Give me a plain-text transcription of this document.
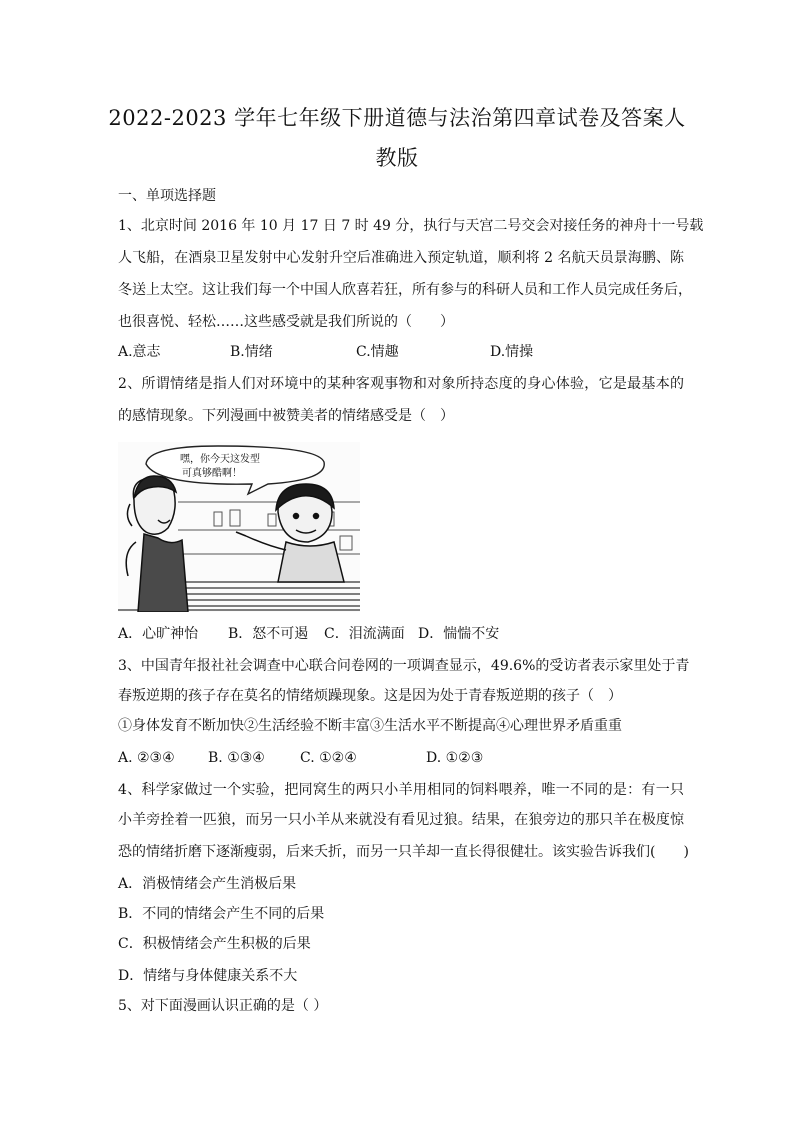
2022-2023 学年七年级下册道德与法治第四章试卷及答案人
教版
一、单项选择题
1、北京时间 2016 年 10 月 17 日 7 时 49 分，执行与天宫二号交会对接任务的神舟十一号载
人飞船，在酒泉卫星发射中心发射升空后准确进入预定轨道，顺利将 2 名航天员景海鹏、陈
冬送上太空。这让我们每一个中国人欣喜若狂，所有参与的科研人员和工作人员完成任务后，
也很喜悦、轻松……这些感受就是我们所说的（　　）
A.意志	B.情绪	C.情趣	D.情操
2、所谓情绪是指人们对环境中的某种客观事物和对象所持态度的身心体验，它是最基本的
的感情现象。下列漫画中被赞美者的情绪感受是（　）
嘿，你今天这发型
可真够酷啊！
A．心旷神怡 B．怒不可遏 C．泪流满面 D．惴惴不安
3、中国青年报社社会调查中心联合问卷网的一项调查显示，49.6%的受访者表示家里处于青
春叛逆期的孩子存在莫名的情绪烦躁现象。这是因为处于青春叛逆期的孩子（　）
①身体发育不断加快②生活经验不断丰富③生活水平不断提高④心理世界矛盾重重
A. ②③④ B. ①③④	C. ①②④	D. ①②③
4、科学家做过一个实验，把同窝生的两只小羊用相同的饲料喂养，唯一不同的是：有一只
小羊旁拴着一匹狼，而另一只小羊从来就没有看见过狼。结果，在狼旁边的那只羊在极度惊
恐的情绪折磨下逐渐瘦弱，后来夭折，而另一只羊却一直长得很健壮。该实验告诉我们(　　)
A．消极情绪会产生消极后果
B．不同的情绪会产生不同的后果
C．积极情绪会产生积极的后果
D．情绪与身体健康关系不大
5、对下面漫画认识正确的是（ ）
